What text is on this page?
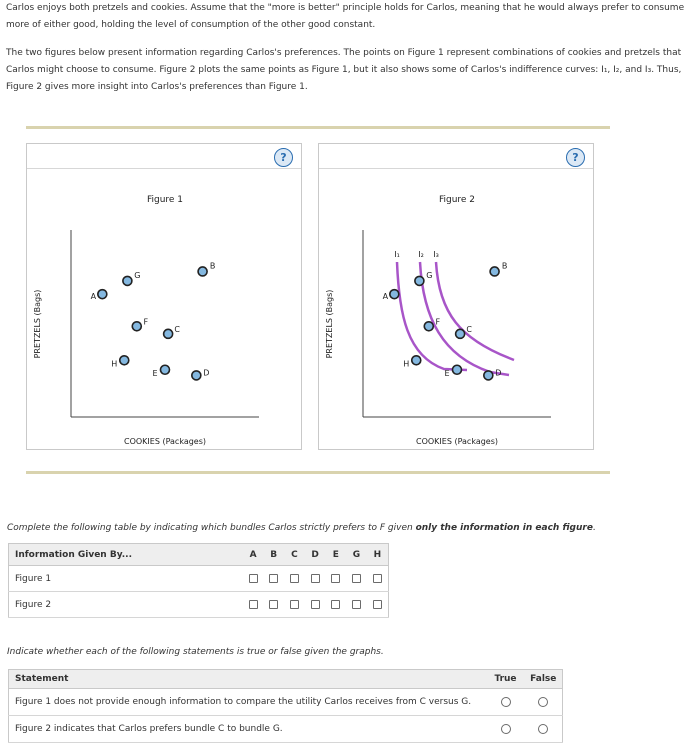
Carlos enjoys both pretzels and cookies. Assume that the "more is better" principle holds for Carlos, meaning that he would always prefer to consume more of either good, holding the level of consumption of the other good constant.

The two figures below present information regarding Carlos's preferences. The points on Figure 1 represent combinations of cookies and pretzels that Carlos might choose to consume. Figure 2 plots the same points as Figure 1, but it also shows some of Carlos's indifference curves: I₁, I₂, and I₃. Thus, Figure 2 gives more insight into Carlos's preferences than Figure 1.

?
Figure 1
COOKIES (Packages)
PRETZELS (Bags)	A
G
B
F
C
H
E	D
?
Figure 2
COOKIES (Packages)
PRETZELS (Bags)
I₁ I₂ I₃
A
G
B
F
C
H
E	D

Complete the following table by indicating which bundles Carlos strictly prefers to F given only the information in each figure.

Information Given By...	A	B	C	D	E	G	H
Figure 1							
Figure 2							

Indicate whether each of the following statements is true or false given the graphs.

Statement	True	False
Figure 1 does not provide enough information to compare the utility Carlos receives from C versus G.		
Figure 2 indicates that Carlos prefers bundle C to bundle G.		
